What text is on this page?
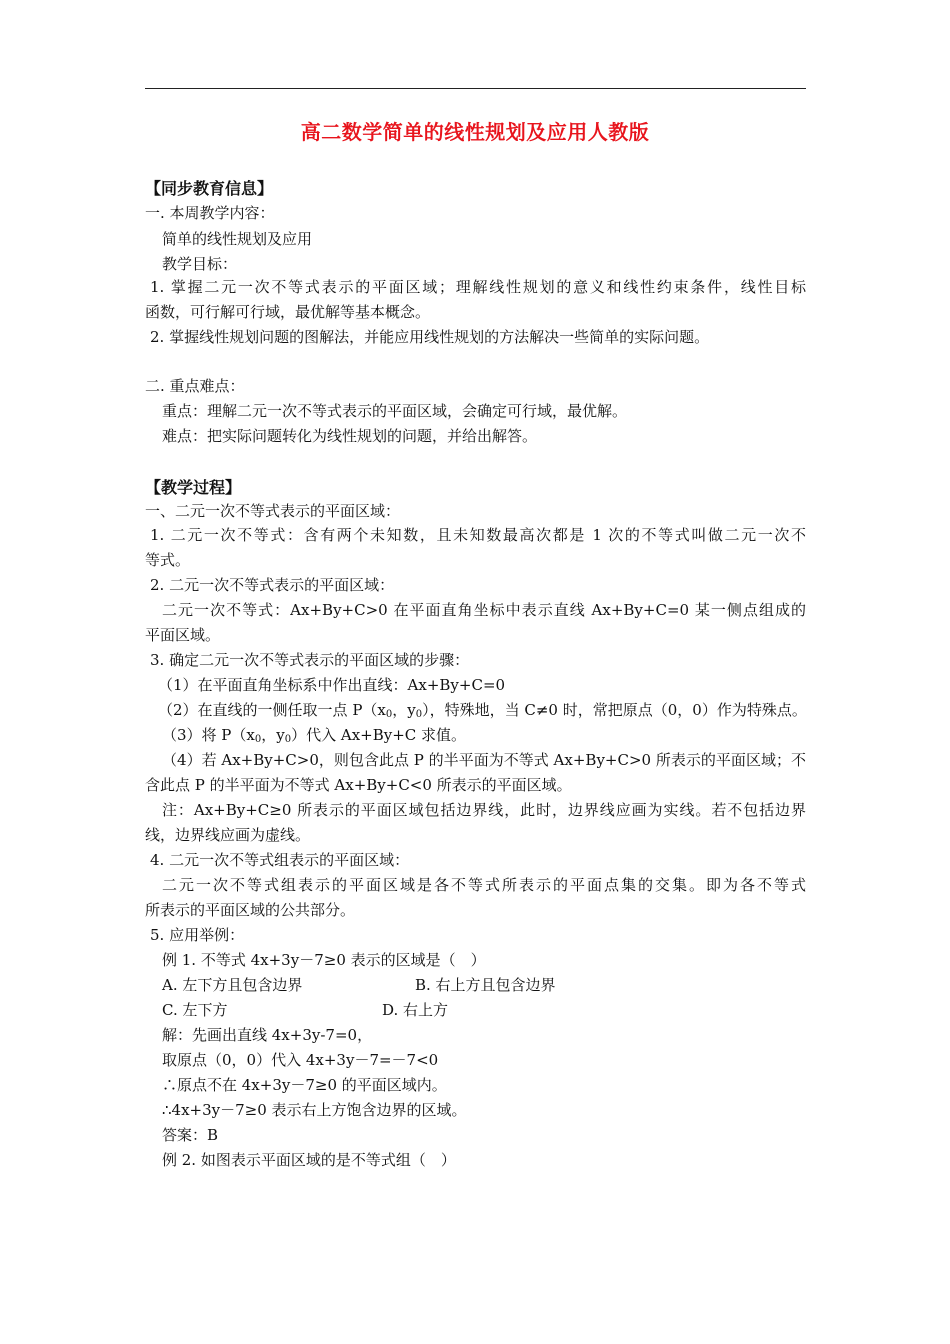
高二数学简单的线性规划及应用人教版
【同步教育信息】
一. 本周教学内容：
简单的线性规划及应用
教学目标：
1. 掌握二元一次不等式表示的平面区域；理解线性规划的意义和线性约束条件，线性目标
函数，可行解可行域，最优解等基本概念。
2. 掌握线性规划问题的图解法，并能应用线性规划的方法解决一些简单的实际问题。
二. 重点难点：
重点：理解二元一次不等式表示的平面区域，会确定可行域，最优解。
难点：把实际问题转化为线性规划的问题，并给出解答。
【教学过程】
一、二元一次不等式表示的平面区域：
1. 二元一次不等式：含有两个未知数，且未知数最高次都是 1 次的不等式叫做二元一次不
等式。
2. 二元一次不等式表示的平面区域：
二元一次不等式：Ax+By+C>0 在平面直角坐标中表示直线 Ax+By+C=0 某一侧点组成的
平面区域。
3. 确定二元一次不等式表示的平面区域的步骤：
（1）在平面直角坐标系中作出直线：Ax+By+C=0
（2）在直线的一侧任取一点 $P(x_0$，$y_0$），特殊地，当 C≠0 时，常把原点（0，0）作为特殊点。
（3）将 $P(x_0$，$y_0$）代入 Ax+By+C 求值。
（4）若 Ax+By+C>0，则包含此点 P 的半平面为不等式 Ax+By+C>0 所表示的平面区域；不
含此点 P 的半平面为不等式 Ax+By+C<0 所表示的平面区域。
注：Ax+By+C≥0 所表示的平面区域包括边界线，此时，边界线应画为实线。若不包括边界
线，边界线应画为虚线。
4. 二元一次不等式组表示的平面区域：
二元一次不等式组表示的平面区域是各不等式所表示的平面点集的交集。即为各不等式
所表示的平面区域的公共部分。
5. 应用举例：
例 1. 不等式 4x+3y－7≥0 表示的区域是（　）
A. 左下方且包含边界	B. 右上方且包含边界
C. 左下方	D. 右上方
解：先画出直线 4x+3y-7=0，
取原点（0，0）代入 4x+3y－7=－7<0
∴原点不在 4x+3y－7≥0 的平面区域内。
∴4x+3y－7≥0 表示右上方饱含边界的区域。
答案：B
例 2. 如图表示平面区域的是不等式组（　）
